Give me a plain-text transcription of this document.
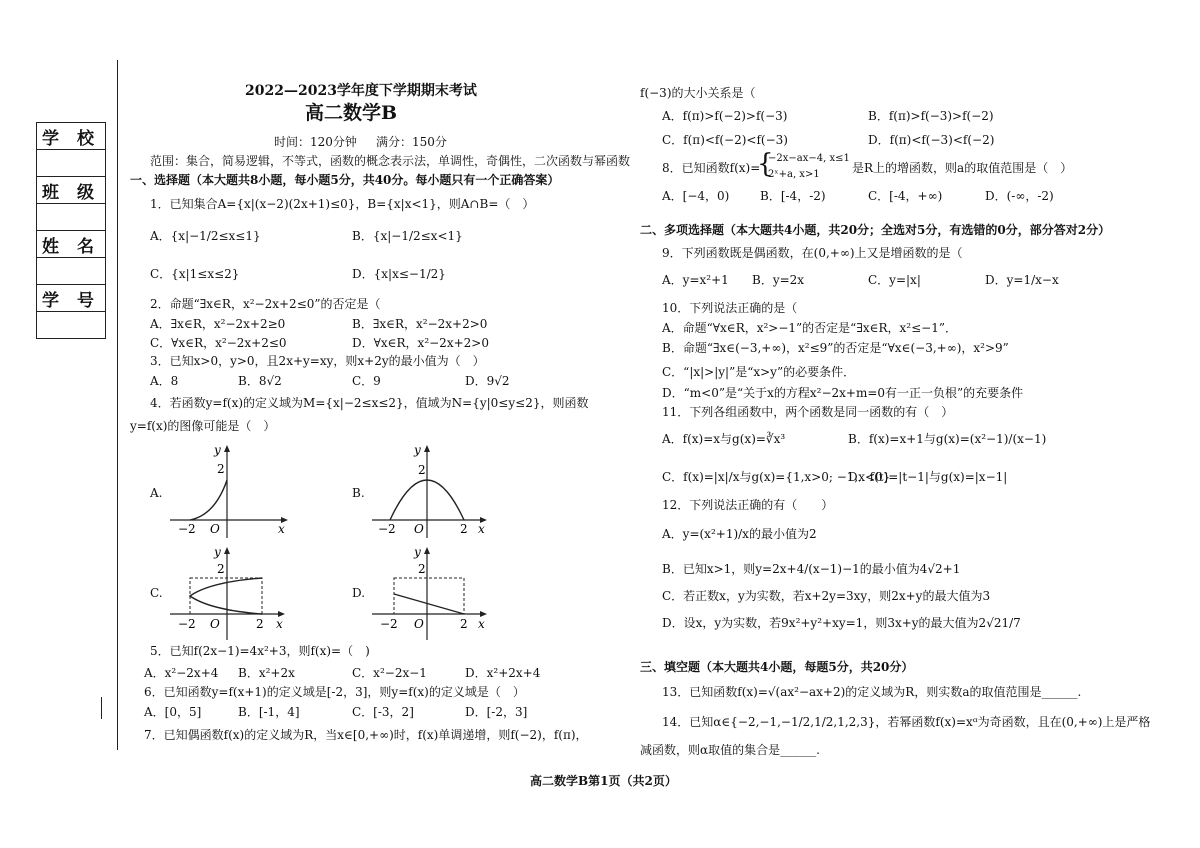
学 校
班 级
姓 名
学 号
2022—2023学年度下学期期末考试
高二数学B
时间：120分钟 满分：150分
范围：集合，简易逻辑，不等式，函数的概念表示法，单调性，奇偶性，二次函数与幂函数
一、选择题（本大题共8小题，每小题5分，共40分。每小题只有一个正确答案）
1．已知集合A={x|(x−2)(2x+1)≤0}，B={x|x<1}，则A∩B=（　）
A．{x|−1/2≤x≤1}	B．{x|−1/2≤x<1}
C．{x|1≤x≤2}	D．{x|x≤−1/2}
2．命题“∃x∈R，x²−2x+2≤0”的否定是（
A．∃x∈R，x²−2x+2≥0	B．∃x∈R，x²−2x+2>0
C．∀x∈R，x²−2x+2≤0	D．∀x∈R，x²−2x+2>0
3．已知x>0，y>0，且2x+y=xy，则x+2y的最小值为（　）
A．8	B．8√2	C．9	D．9√2
4．若函数y=f(x)的定义域为M={x|−2≤x≤2}，值域为N={y|0≤y≤2}，则函数
y=f(x)的图像可能是（　）
A.	B.
C.	D.
y
2
−2 O	x
y
2
−2 O	2 x
y
2
−2 O	2 x
y
2
−2 O	2 x
5．已知f(2x−1)=4x²+3，则f(x)=（　)
A．x²−2x+4 B．x²+2x	C．x²−2x−1	D．x²+2x+4
6．已知函数y=f(x+1)的定义域是[-2，3]，则y=f(x)的定义域是（　）
A．[0，5]	B．[-1，4]	C．[-3，2]	D．[-2，3]
7．已知偶函数f(x)的定义域为R，当x∈[0,+∞)时，f(x)单调递增，则f(−2)，f(π)，
f(−3)的大小关系是（
A．f(π)>f(−2)>f(−3)	B．f(π)>f(−3)>f(−2)
C．f(π)<f(−2)<f(−3)	D．f(π)<f(−3)<f(−2)
8．已知函数f(x)=
{
−2x−ax−4, x≤1
2ˣ+a, x>1	是R上的增函数，则a的取值范围是（　）
A．[−4，0)	B．[-4，-2)	C．[-4，+∞)	D．(-∞，-2)
二、多项选择题（本大题共4小题，共20分；全选对5分，有选错的0分，部分答对2分）
9．下列函数既是偶函数，在(0,+∞)上又是增函数的是（
A．y=x²+1 B．y=2x	C．y=|x|	D．y=1/x−x
10．下列说法正确的是（
A．命题“∀x∈R，x²>−1”的否定是“∃x∈R，x²≤−1”．
B．命题“∃x∈(−3,+∞)，x²≤9”的否定是“∀x∈(−3,+∞)，x²>9”
C．“|x|>|y|”是“x>y”的必要条件．
D．“m<0”是“关于x的方程x²−2x+m=0有一正一负根”的充要条件
11．下列各组函数中，两个函数是同一函数的有（　）
A．f(x)=x与g(x)=∛x³	B．f(x)=x+1与g(x)=(x²−1)/(x−1)
C．f(x)=|x|/x与g(x)={1,x>0; −1,x<0}
D．f(t)=|t−1|与g(x)=|x−1|
12．下列说法正确的有（　　）
A．y=(x²+1)/x的最小值为2
B．已知x>1，则y=2x+4/(x−1)−1的最小值为4√2+1
C．若正数x，y为实数，若x+2y=3xy，则2x+y的最大值为3
D．设x，y为实数，若9x²+y²+xy=1，则3x+y的最大值为2√21/7
三、填空题（本大题共4小题，每题5分，共20分）
13．已知函数f(x)=√(ax²−ax+2)的定义域为R，则实数a的取值范围是______.
14．已知α∈{−2,−1,−1/2,1/2,1,2,3}，若幂函数f(x)=xᵅ为奇函数，且在(0,+∞)上是严格
减函数，则α取值的集合是______.
高二数学B第1页（共2页）
